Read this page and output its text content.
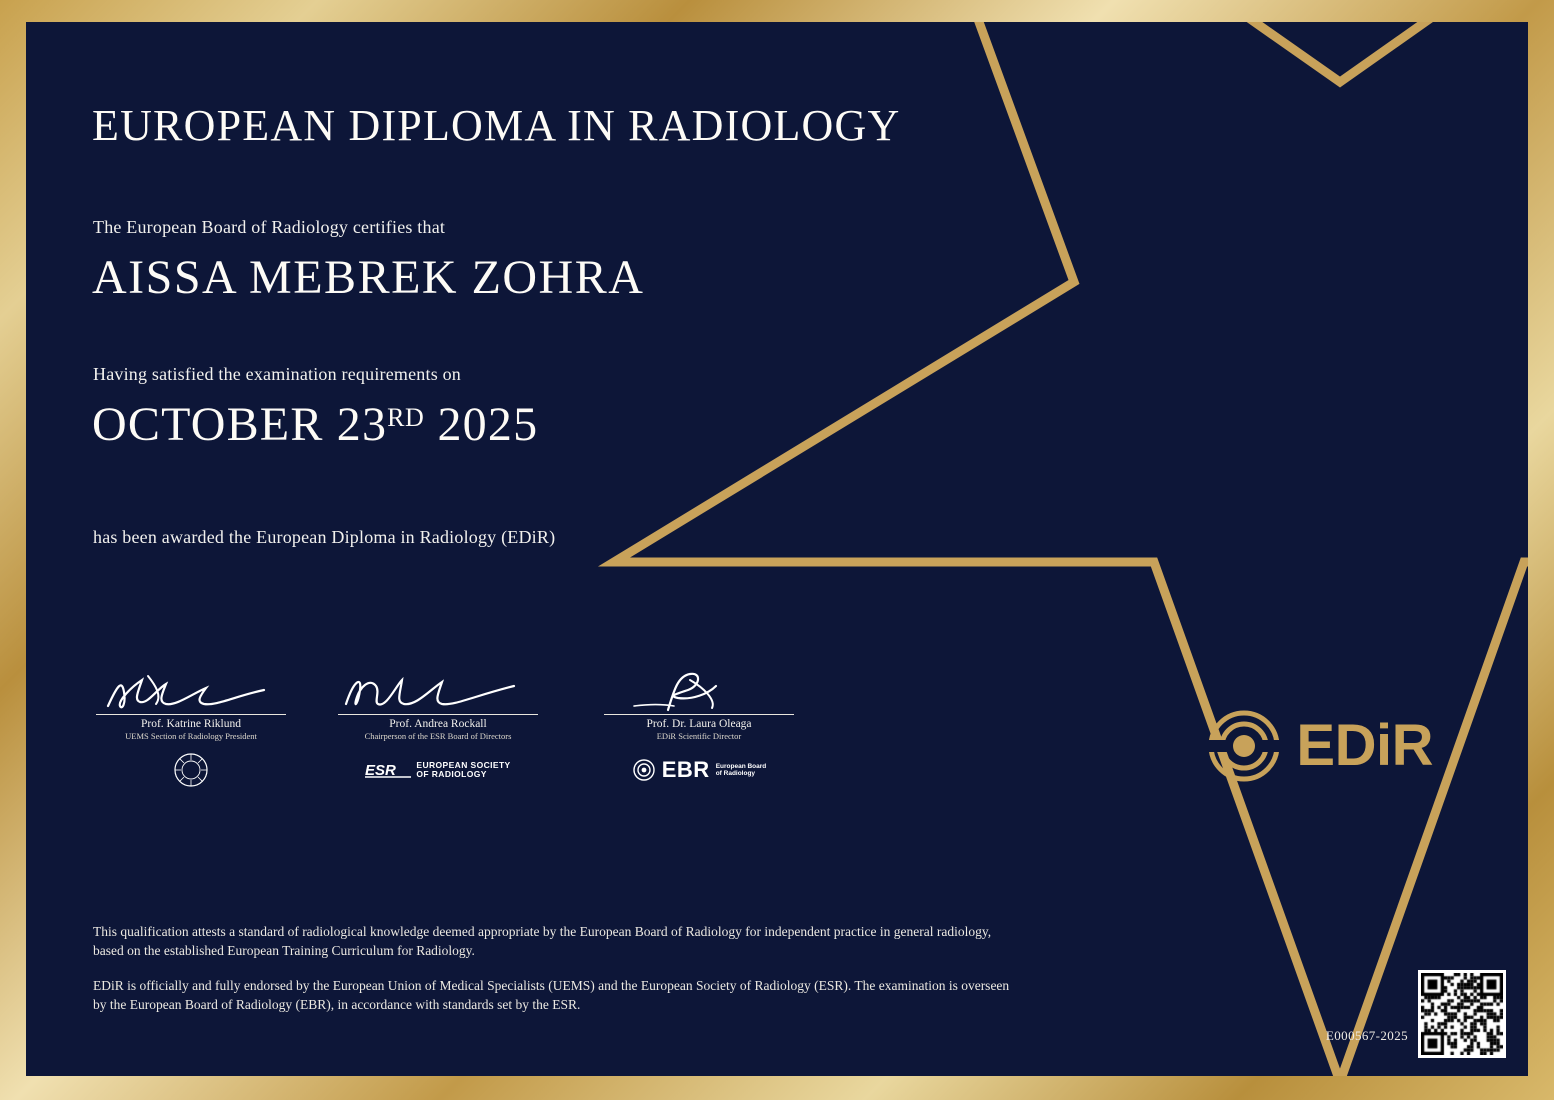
EUROPEAN DIPLOMA IN RADIOLOGY
The European Board of Radiology certifies that
AISSA MEBREK ZOHRA
Having satisfied the examination requirements on
OCTOBER 23RD 2025
has been awarded the European Diploma in Radiology (EDiR)
Prof. Katrine Riklund
UEMS Section of Radiology President
Prof. Andrea Rockall
Chairperson of the ESR Board of Directors
ESR EUROPEAN SOCIETY
OF RADIOLOGY
Prof. Dr. Laura Oleaga
EDiR Scientific Director
EBR European Board
of Radiology	EDiR

This qualification attests a standard of radiological knowledge deemed appropriate by the European Board of Radiology for independent practice in general radiology, based on the established European Training Curriculum for Radiology.

EDiR is officially and fully endorsed by the European Union of Medical Specialists (UEMS) and the European Society of Radiology (ESR). The examination is overseen by the European Board of Radiology (EBR), in accordance with standards set by the ESR.

E000567-2025
